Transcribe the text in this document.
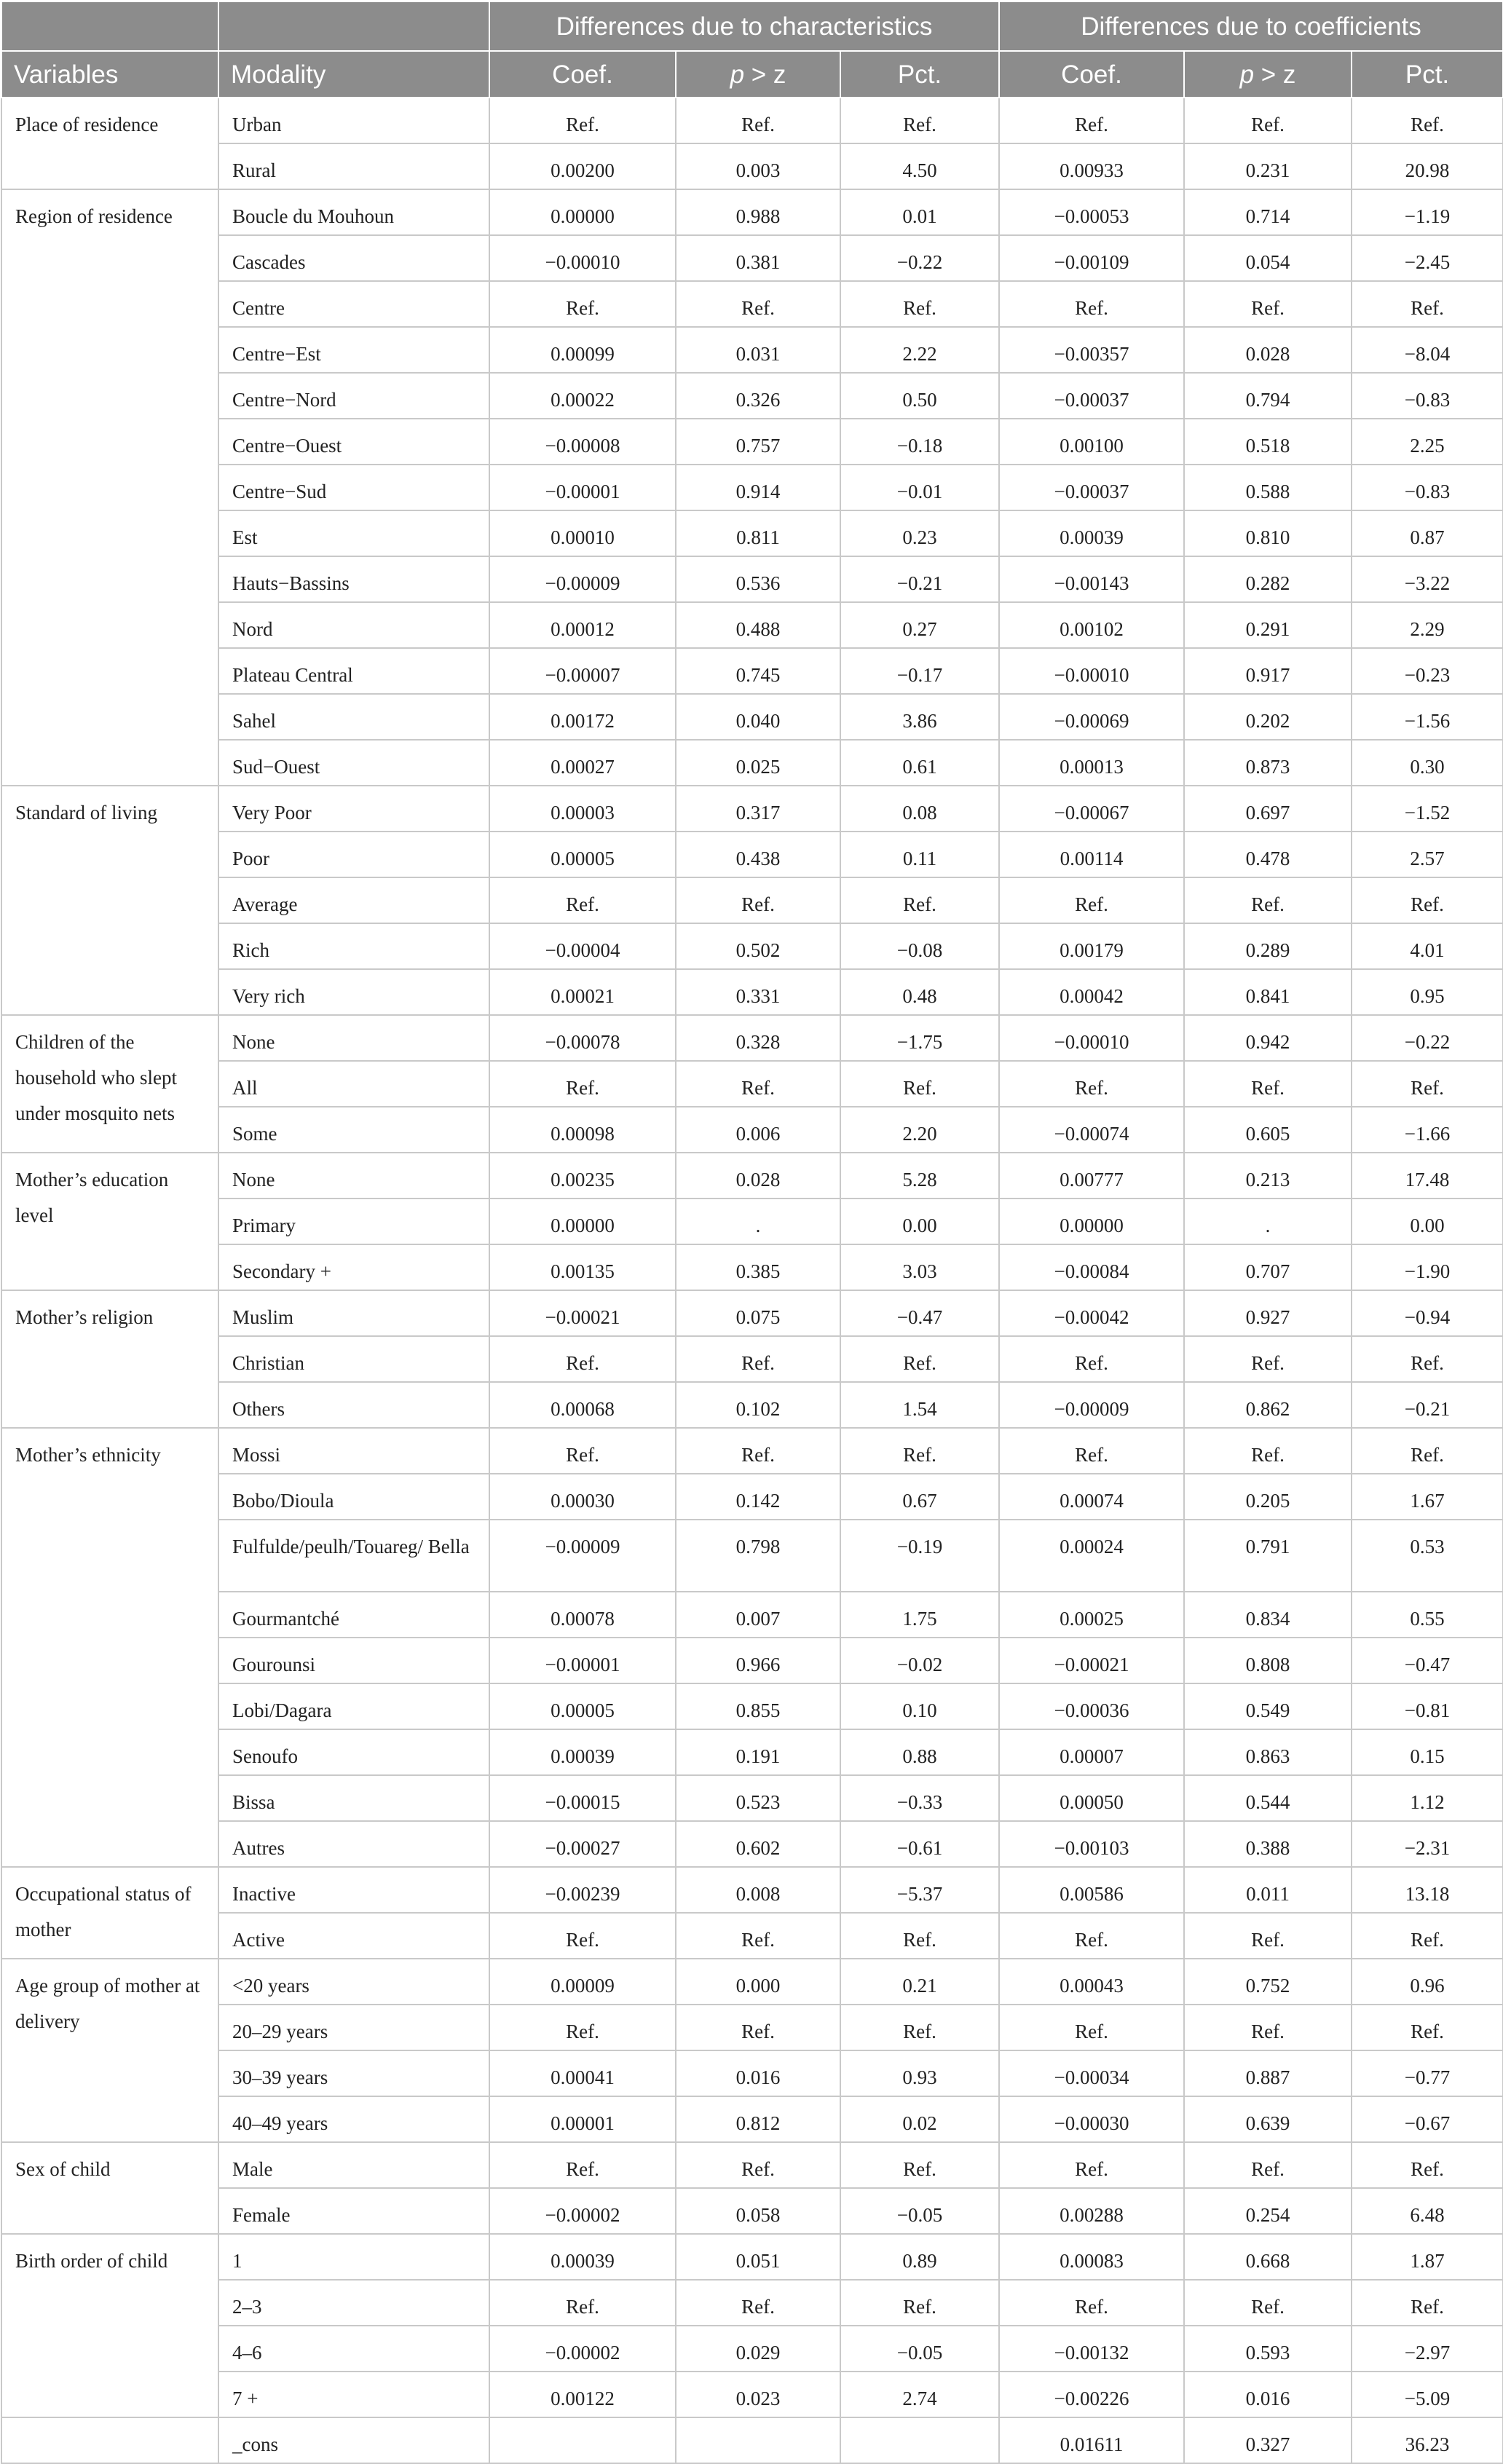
		Differences due to characteristics			Differences due to coefficients		
Variables	Modality	Coef.	p > z	Pct.	Coef.	p > z	Pct.

Place of residence	Urban	Ref.	Ref.	Ref.	Ref.	Ref.	Ref.

	Rural	0.00200	0.003	4.50	0.00933	0.231	20.98

Region of residence	Boucle du Mouhoun	0.00000	0.988	0.01	−0.00053	0.714	−1.19

	Cascades	−0.00010	0.381	−0.22	−0.00109	0.054	−2.45

	Centre	Ref.	Ref.	Ref.	Ref.	Ref.	Ref.

	Centre−Est	0.00099	0.031	2.22	−0.00357	0.028	−8.04

	Centre−Nord	0.00022	0.326	0.50	−0.00037	0.794	−0.83

	Centre−Ouest	−0.00008	0.757	−0.18	0.00100	0.518	2.25

	Centre−Sud	−0.00001	0.914	−0.01	−0.00037	0.588	−0.83

	Est	0.00010	0.811	0.23	0.00039	0.810	0.87

	Hauts−Bassins	−0.00009	0.536	−0.21	−0.00143	0.282	−3.22

	Nord	0.00012	0.488	0.27	0.00102	0.291	2.29

	Plateau Central	−0.00007	0.745	−0.17	−0.00010	0.917	−0.23

	Sahel	0.00172	0.040	3.86	−0.00069	0.202	−1.56

	Sud−Ouest	0.00027	0.025	0.61	0.00013	0.873	0.30

Standard of living	Very Poor	0.00003	0.317	0.08	−0.00067	0.697	−1.52

	Poor	0.00005	0.438	0.11	0.00114	0.478	2.57

	Average	Ref.	Ref.	Ref.	Ref.	Ref.	Ref.

	Rich	−0.00004	0.502	−0.08	0.00179	0.289	4.01

	Very rich	0.00021	0.331	0.48	0.00042	0.841	0.95

Children of the household who slept under mosquito nets	None	−0.00078	0.328	−1.75	−0.00010	0.942	−0.22

	All	Ref.	Ref.	Ref.	Ref.	Ref.	Ref.

	Some	0.00098	0.006	2.20	−0.00074	0.605	−1.66

Mother’s education level	None	0.00235	0.028	5.28	0.00777	0.213	17.48

	Primary	0.00000	.	0.00	0.00000	.	0.00

	Secondary +	0.00135	0.385	3.03	−0.00084	0.707	−1.90

Mother’s religion	Muslim	−0.00021	0.075	−0.47	−0.00042	0.927	−0.94

	Christian	Ref.	Ref.	Ref.	Ref.	Ref.	Ref.

	Others	0.00068	0.102	1.54	−0.00009	0.862	−0.21

Mother’s ethnicity	Mossi	Ref.	Ref.	Ref.	Ref.	Ref.	Ref.

	Bobo/Dioula	0.00030	0.142	0.67	0.00074	0.205	1.67

	Fulfulde/peulh/Touareg/ Bella	−0.00009	0.798	−0.19	0.00024	0.791	0.53

	Gourmantché	0.00078	0.007	1.75	0.00025	0.834	0.55

	Gourounsi	−0.00001	0.966	−0.02	−0.00021	0.808	−0.47

	Lobi/Dagara	0.00005	0.855	0.10	−0.00036	0.549	−0.81

	Senoufo	0.00039	0.191	0.88	0.00007	0.863	0.15

	Bissa	−0.00015	0.523	−0.33	0.00050	0.544	1.12

	Autres	−0.00027	0.602	−0.61	−0.00103	0.388	−2.31

Occupational status of mother	Inactive	−0.00239	0.008	−5.37	0.00586	0.011	13.18

	Active	Ref.	Ref.	Ref.	Ref.	Ref.	Ref.

Age group of mother at delivery	<20 years	0.00009	0.000	0.21	0.00043	0.752	0.96

	20–29 years	Ref.	Ref.	Ref.	Ref.	Ref.	Ref.

	30–39 years	0.00041	0.016	0.93	−0.00034	0.887	−0.77

	40–49 years	0.00001	0.812	0.02	−0.00030	0.639	−0.67

Sex of child	Male	Ref.	Ref.	Ref.	Ref.	Ref.	Ref.

	Female	−0.00002	0.058	−0.05	0.00288	0.254	6.48

Birth order of child	1	0.00039	0.051	0.89	0.00083	0.668	1.87

	2–3	Ref.	Ref.	Ref.	Ref.	Ref.	Ref.

	4–6	−0.00002	0.029	−0.05	−0.00132	0.593	−2.97

	7 +	0.00122	0.023	2.74	−0.00226	0.016	−5.09

	_cons				0.01611	0.327	36.23
